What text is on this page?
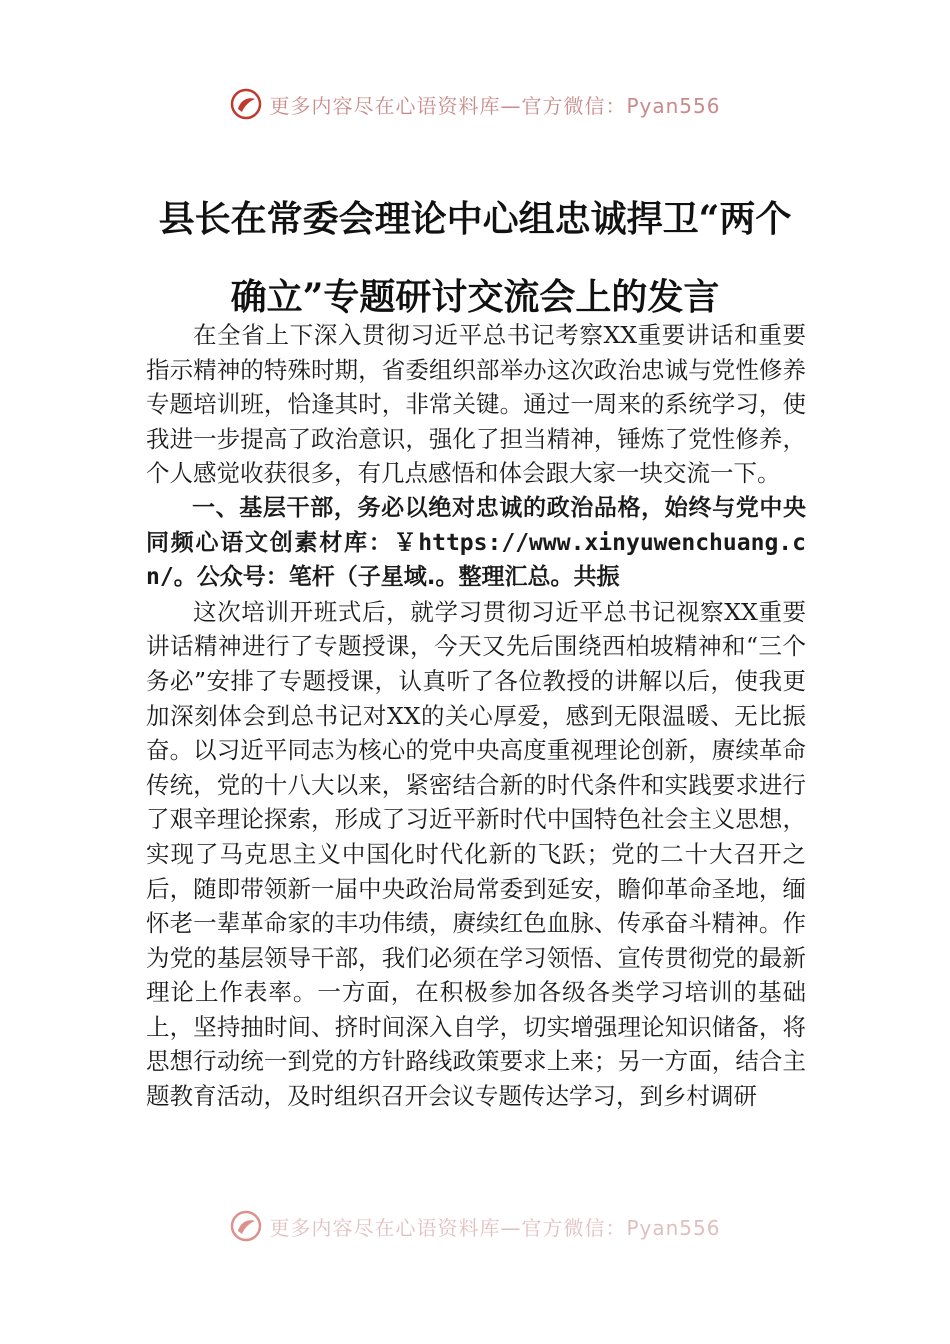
更多内容尽在心语资料库—官方微信：Pyan556
县长在常委会理论中心组忠诚捍卫“两个
确立”专题研讨交流会上的发言

在全省上下深入贯彻习近平总书记考察XX重要讲话和重要指示精神的特殊时期，省委组织部举办这次政治忠诚与党性修养专题培训班，恰逢其时，非常关键。通过一周来的系统学习，使我进一步提高了政治意识，强化了担当精神，锤炼了党性修养，个人感觉收获很多，有几点感悟和体会跟大家一块交流一下。

一、基层干部，务必以绝对忠诚的政治品格，始终与党中央同频心语文创素材库：￥https://www.xinyuwenchuang.cn/。公众号：笔杆（子星域.。整理汇总。共振

这次培训开班式后，就学习贯彻习近平总书记视察XX重要讲话精神进行了专题授课，今天又先后围绕西柏坡精神和“三个务必”安排了专题授课，认真听了各位教授的讲解以后，使我更加深刻体会到总书记对XX的关心厚爱，感到无限温暖、无比振奋。以习近平同志为核心的党中央高度重视理论创新，赓续革命传统，党的十八大以来，紧密结合新的时代条件和实践要求进行了艰辛理论探索，形成了习近平新时代中国特色社会主义思想，实现了马克思主义中国化时代化新的飞跃；党的二十大召开之后，随即带领新一届中央政治局常委到延安，瞻仰革命圣地，缅怀老一辈革命家的丰功伟绩，赓续红色血脉、传承奋斗精神。作为党的基层领导干部，我们必须在学习领悟、宣传贯彻党的最新理论上作表率。一方面，在积极参加各级各类学习培训的基础上，坚持抽时间、挤时间深入自学，切实增强理论知识储备，将思想行动统一到党的方针路线政策要求上来；另一方面，结合主题教育活动，及时组织召开会议专题传达学习，到乡村调研

更多内容尽在心语资料库—官方微信：Pyan556
